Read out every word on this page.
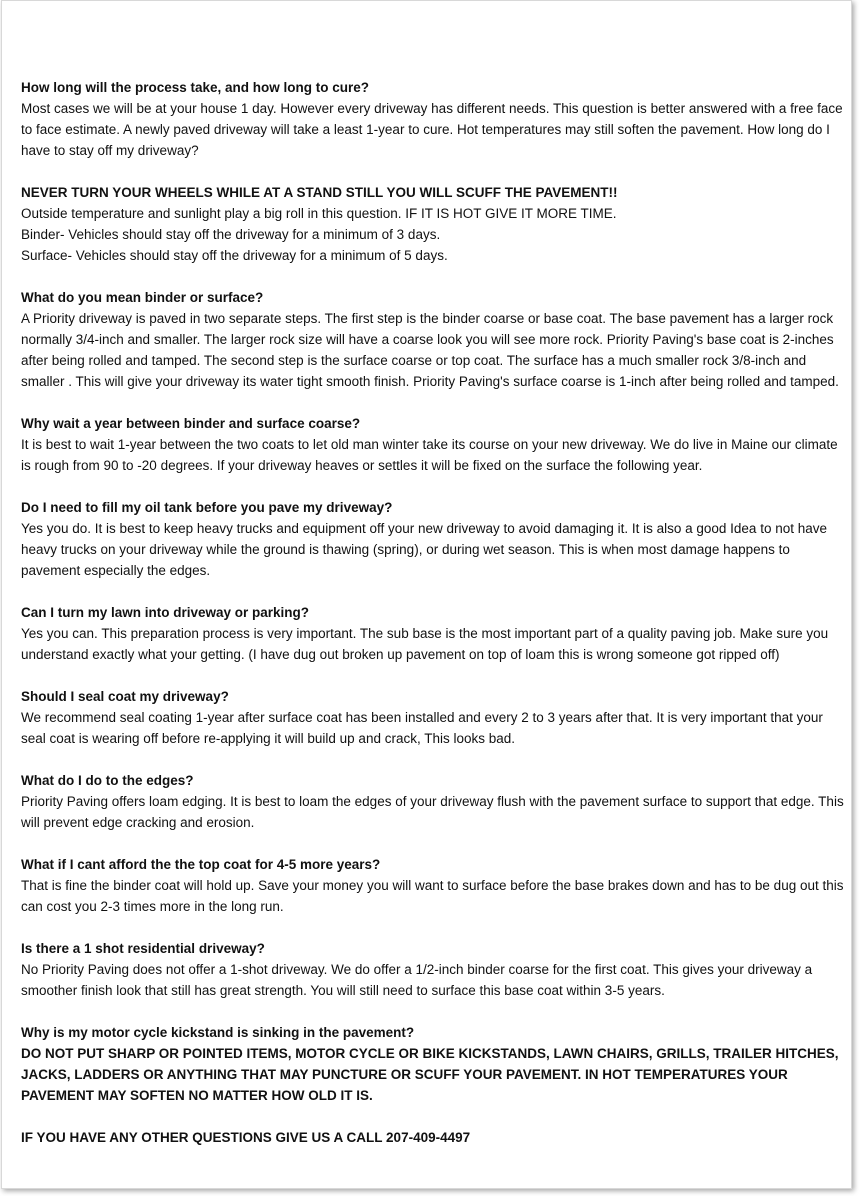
How long will the process take, and how long to cure?

Most cases we will be at your house 1 day. However every driveway has different needs. This question is better answered with a free face to face estimate. A newly paved driveway will take a least 1-year to cure. Hot temperatures may still soften the pavement. How long do I have to stay off my driveway?

NEVER TURN YOUR WHEELS WHILE AT A STAND STILL YOU WILL SCUFF THE PAVEMENT!!

Outside temperature and sunlight play a big roll in this question. IF IT IS HOT GIVE IT MORE TIME.
Binder- Vehicles should stay off the driveway for a minimum of 3 days.
Surface- Vehicles should stay off the driveway for a minimum of 5 days.

What do you mean binder or surface?

A Priority driveway is paved in two separate steps. The first step is the binder coarse or base coat. The base pavement has a larger rock normally 3/4-inch and smaller. The larger rock size will have a coarse look you will see more rock. Priority Paving's base coat is 2-inches after being rolled and tamped. The second step is the surface coarse or top coat. The surface has a much smaller rock 3/8-inch and smaller . This will give your driveway its water tight smooth finish. Priority Paving's surface coarse is 1-inch after being rolled and tamped.

Why wait a year between binder and surface coarse?

It is best to wait 1-year between the two coats to let old man winter take its course on your new driveway. We do live in Maine our climate is rough from 90 to -20 degrees. If your driveway heaves or settles it will be fixed on the surface the following year.

Do I need to fill my oil tank before you pave my driveway?

Yes you do. It is best to keep heavy trucks and equipment off your new driveway to avoid damaging it. It is also a good Idea to not have heavy trucks on your driveway while the ground is thawing (spring), or during wet season. This is when most damage happens to pavement especially the edges.

Can I turn my lawn into driveway or parking?

Yes you can. This preparation process is very important. The sub base is the most important part of a quality paving job. Make sure you understand exactly what your getting. (I have dug out broken up pavement on top of loam this is wrong someone got ripped off)

Should I seal coat my driveway?

We recommend seal coating 1-year after surface coat has been installed and every 2 to 3 years after that. It is very important that your seal coat is wearing off before re-applying it will build up and crack, This looks bad.

What do I do to the edges?

Priority Paving offers loam edging. It is best to loam the edges of your driveway flush with the pavement surface to support that edge. This will prevent edge cracking and erosion.

What if I cant afford the the top coat for 4-5 more years?

That is fine the binder coat will hold up. Save your money you will want to surface before the base brakes down and has to be dug out this can cost you 2-3 times more in the long run.

Is there a 1 shot residential driveway?

No Priority Paving does not offer a 1-shot driveway. We do offer a 1/2-inch binder coarse for the first coat. This gives your driveway a smoother finish look that still has great strength. You will still need to surface this base coat within 3-5 years.

Why is my motor cycle kickstand is sinking in the pavement?

DO NOT PUT SHARP OR POINTED ITEMS, MOTOR CYCLE OR BIKE KICKSTANDS, LAWN CHAIRS, GRILLS, TRAILER HITCHES, JACKS, LADDERS OR ANYTHING THAT MAY PUNCTURE OR SCUFF YOUR PAVEMENT. IN HOT TEMPERATURES YOUR PAVEMENT MAY SOFTEN NO MATTER HOW OLD IT IS.

IF YOU HAVE ANY OTHER QUESTIONS GIVE US A CALL 207-409-4497
